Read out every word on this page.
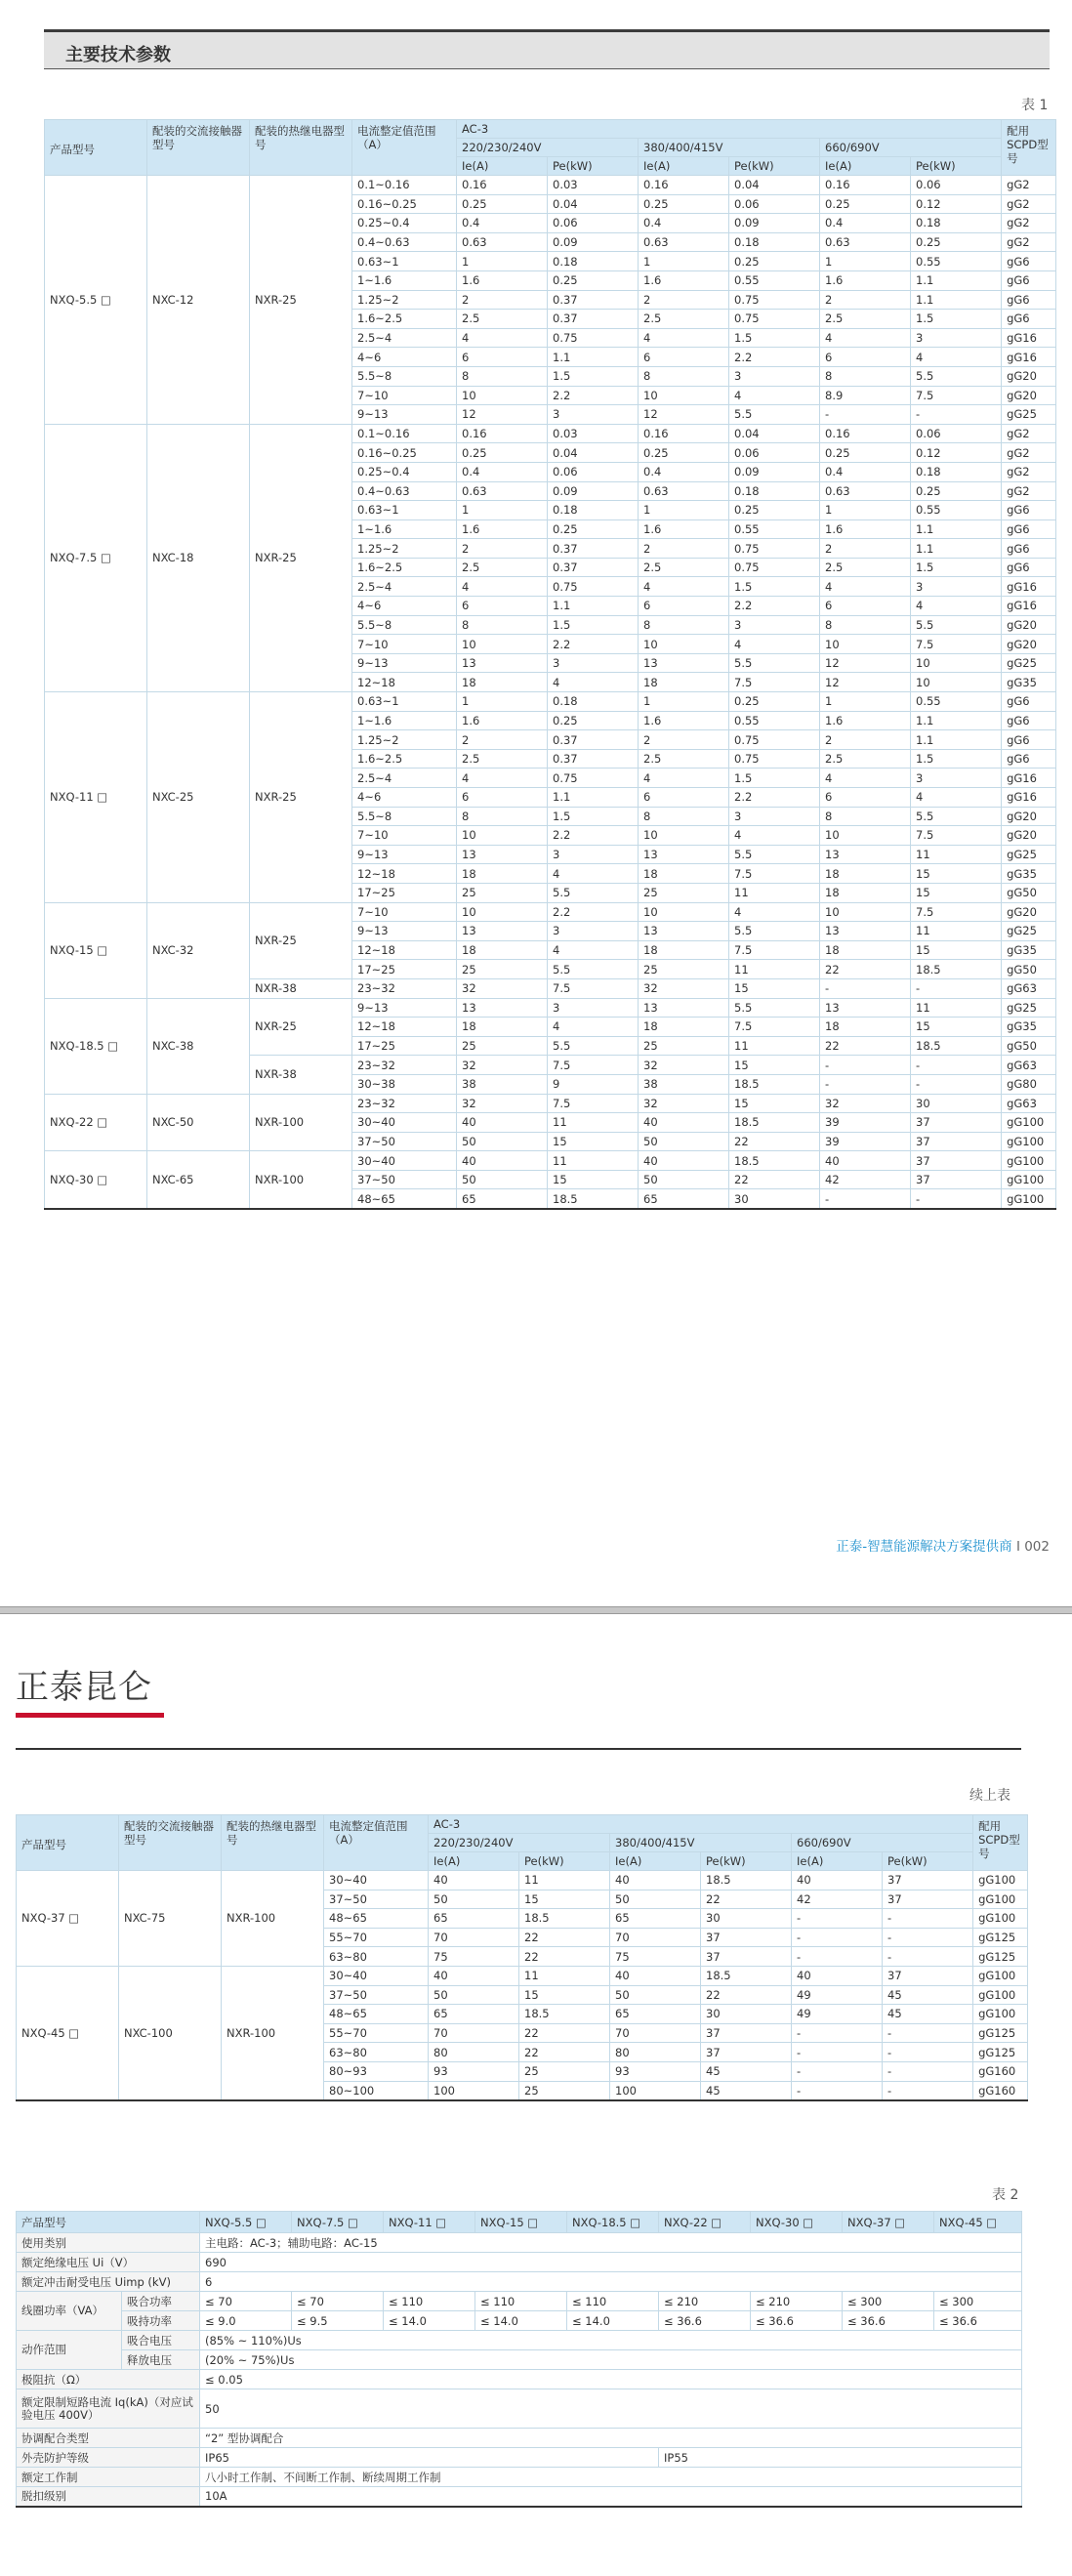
主要技术参数
表 1
产品型号	配装的交流接触器型号	配装的热继电器型号	电流整定值范围（A）	AC-3						配用SCPD型号
				220/230/240V		380/400/415V		660/690V		
				Ie(A)	Pe(kW)	Ie(A)	Pe(kW)	Ie(A)	Pe(kW)	
NXQ-5.5 □	NXC-12	NXR-25	0.1~0.16	0.16	0.03	0.16	0.04	0.16	0.06	gG2
			0.16~0.25	0.25	0.04	0.25	0.06	0.25	0.12	gG2
			0.25~0.4	0.4	0.06	0.4	0.09	0.4	0.18	gG2
			0.4~0.63	0.63	0.09	0.63	0.18	0.63	0.25	gG2
			0.63~1	1	0.18	1	0.25	1	0.55	gG6
			1~1.6	1.6	0.25	1.6	0.55	1.6	1.1	gG6
			1.25~2	2	0.37	2	0.75	2	1.1	gG6
			1.6~2.5	2.5	0.37	2.5	0.75	2.5	1.5	gG6
			2.5~4	4	0.75	4	1.5	4	3	gG16
			4~6	6	1.1	6	2.2	6	4	gG16
			5.5~8	8	1.5	8	3	8	5.5	gG20
			7~10	10	2.2	10	4	8.9	7.5	gG20
			9~13	12	3	12	5.5	-	-	gG25
NXQ-7.5 □	NXC-18	NXR-25	0.1~0.16	0.16	0.03	0.16	0.04	0.16	0.06	gG2
			0.16~0.25	0.25	0.04	0.25	0.06	0.25	0.12	gG2
			0.25~0.4	0.4	0.06	0.4	0.09	0.4	0.18	gG2
			0.4~0.63	0.63	0.09	0.63	0.18	0.63	0.25	gG2
			0.63~1	1	0.18	1	0.25	1	0.55	gG6
			1~1.6	1.6	0.25	1.6	0.55	1.6	1.1	gG6
			1.25~2	2	0.37	2	0.75	2	1.1	gG6
			1.6~2.5	2.5	0.37	2.5	0.75	2.5	1.5	gG6
			2.5~4	4	0.75	4	1.5	4	3	gG16
			4~6	6	1.1	6	2.2	6	4	gG16
			5.5~8	8	1.5	8	3	8	5.5	gG20
			7~10	10	2.2	10	4	10	7.5	gG20
			9~13	13	3	13	5.5	12	10	gG25
			12~18	18	4	18	7.5	12	10	gG35
NXQ-11 □	NXC-25	NXR-25	0.63~1	1	0.18	1	0.25	1	0.55	gG6
			1~1.6	1.6	0.25	1.6	0.55	1.6	1.1	gG6
			1.25~2	2	0.37	2	0.75	2	1.1	gG6
			1.6~2.5	2.5	0.37	2.5	0.75	2.5	1.5	gG6
			2.5~4	4	0.75	4	1.5	4	3	gG16
			4~6	6	1.1	6	2.2	6	4	gG16
			5.5~8	8	1.5	8	3	8	5.5	gG20
			7~10	10	2.2	10	4	10	7.5	gG20
			9~13	13	3	13	5.5	13	11	gG25
			12~18	18	4	18	7.5	18	15	gG35
			17~25	25	5.5	25	11	18	15	gG50
NXQ-15 □	NXC-32	NXR-25	7~10	10	2.2	10	4	10	7.5	gG20
			9~13	13	3	13	5.5	13	11	gG25
			12~18	18	4	18	7.5	18	15	gG35
			17~25	25	5.5	25	11	22	18.5	gG50
		NXR-38	23~32	32	7.5	32	15	-	-	gG63
NXQ-18.5 □	NXC-38	NXR-25	9~13	13	3	13	5.5	13	11	gG25
			12~18	18	4	18	7.5	18	15	gG35
			17~25	25	5.5	25	11	22	18.5	gG50
		NXR-38	23~32	32	7.5	32	15	-	-	gG63
			30~38	38	9	38	18.5	-	-	gG80
NXQ-22 □	NXC-50	NXR-100	23~32	32	7.5	32	15	32	30	gG63
			30~40	40	11	40	18.5	39	37	gG100
			37~50	50	15	50	22	39	37	gG100
NXQ-30 □	NXC-65	NXR-100	30~40	40	11	40	18.5	40	37	gG100
			37~50	50	15	50	22	42	37	gG100
			48~65	65	18.5	65	30	-	-	gG100
正泰-智慧能源解决方案提供商 I 002
正泰昆仑
续上表
产品型号	配装的交流接触器型号	配装的热继电器型号	电流整定值范围（A）	AC-3						配用SCPD型号
				220/230/240V		380/400/415V		660/690V		
				Ie(A)	Pe(kW)	Ie(A)	Pe(kW)	Ie(A)	Pe(kW)	
NXQ-37 □	NXC-75	NXR-100	30~40	40	11	40	18.5	40	37	gG100
			37~50	50	15	50	22	42	37	gG100
			48~65	65	18.5	65	30	-	-	gG100
			55~70	70	22	70	37	-	-	gG125
			63~80	75	22	75	37	-	-	gG125
NXQ-45 □	NXC-100	NXR-100	30~40	40	11	40	18.5	40	37	gG100
			37~50	50	15	50	22	49	45	gG100
			48~65	65	18.5	65	30	49	45	gG100
			55~70	70	22	70	37	-	-	gG125
			63~80	80	22	80	37	-	-	gG125
			80~93	93	25	93	45	-	-	gG160
			80~100	100	25	100	45	-	-	gG160
表 2
产品型号		NXQ-5.5 □	NXQ-7.5 □	NXQ-11 □	NXQ-15 □	NXQ-18.5 □	NXQ-22 □	NXQ-30 □	NXQ-37 □	NXQ-45 □
使用类别		主电路：AC-3；辅助电路：AC-15								
额定绝缘电压 Ui（V）		690								
额定冲击耐受电压 Uimp (kV)		6								
线圈功率（VA）	吸合功率	≤ 70	≤ 70	≤ 110	≤ 110	≤ 110	≤ 210	≤ 210	≤ 300	≤ 300
	吸持功率	≤ 9.0	≤ 9.5	≤ 14.0	≤ 14.0	≤ 14.0	≤ 36.6	≤ 36.6	≤ 36.6	≤ 36.6
动作范围	吸合电压	(85% ~ 110%)Us								
	释放电压	(20% ~ 75%)Us								
极阻抗（Ω）		≤ 0.05								
额定限制短路电流 Iq(kA)（对应试验电压 400V）		50								
协调配合类型		“2” 型协调配合								
外壳防护等级		IP65					IP55			
额定工作制		八小时工作制、不间断工作制、断续周期工作制								
脱扣级别		10A								
